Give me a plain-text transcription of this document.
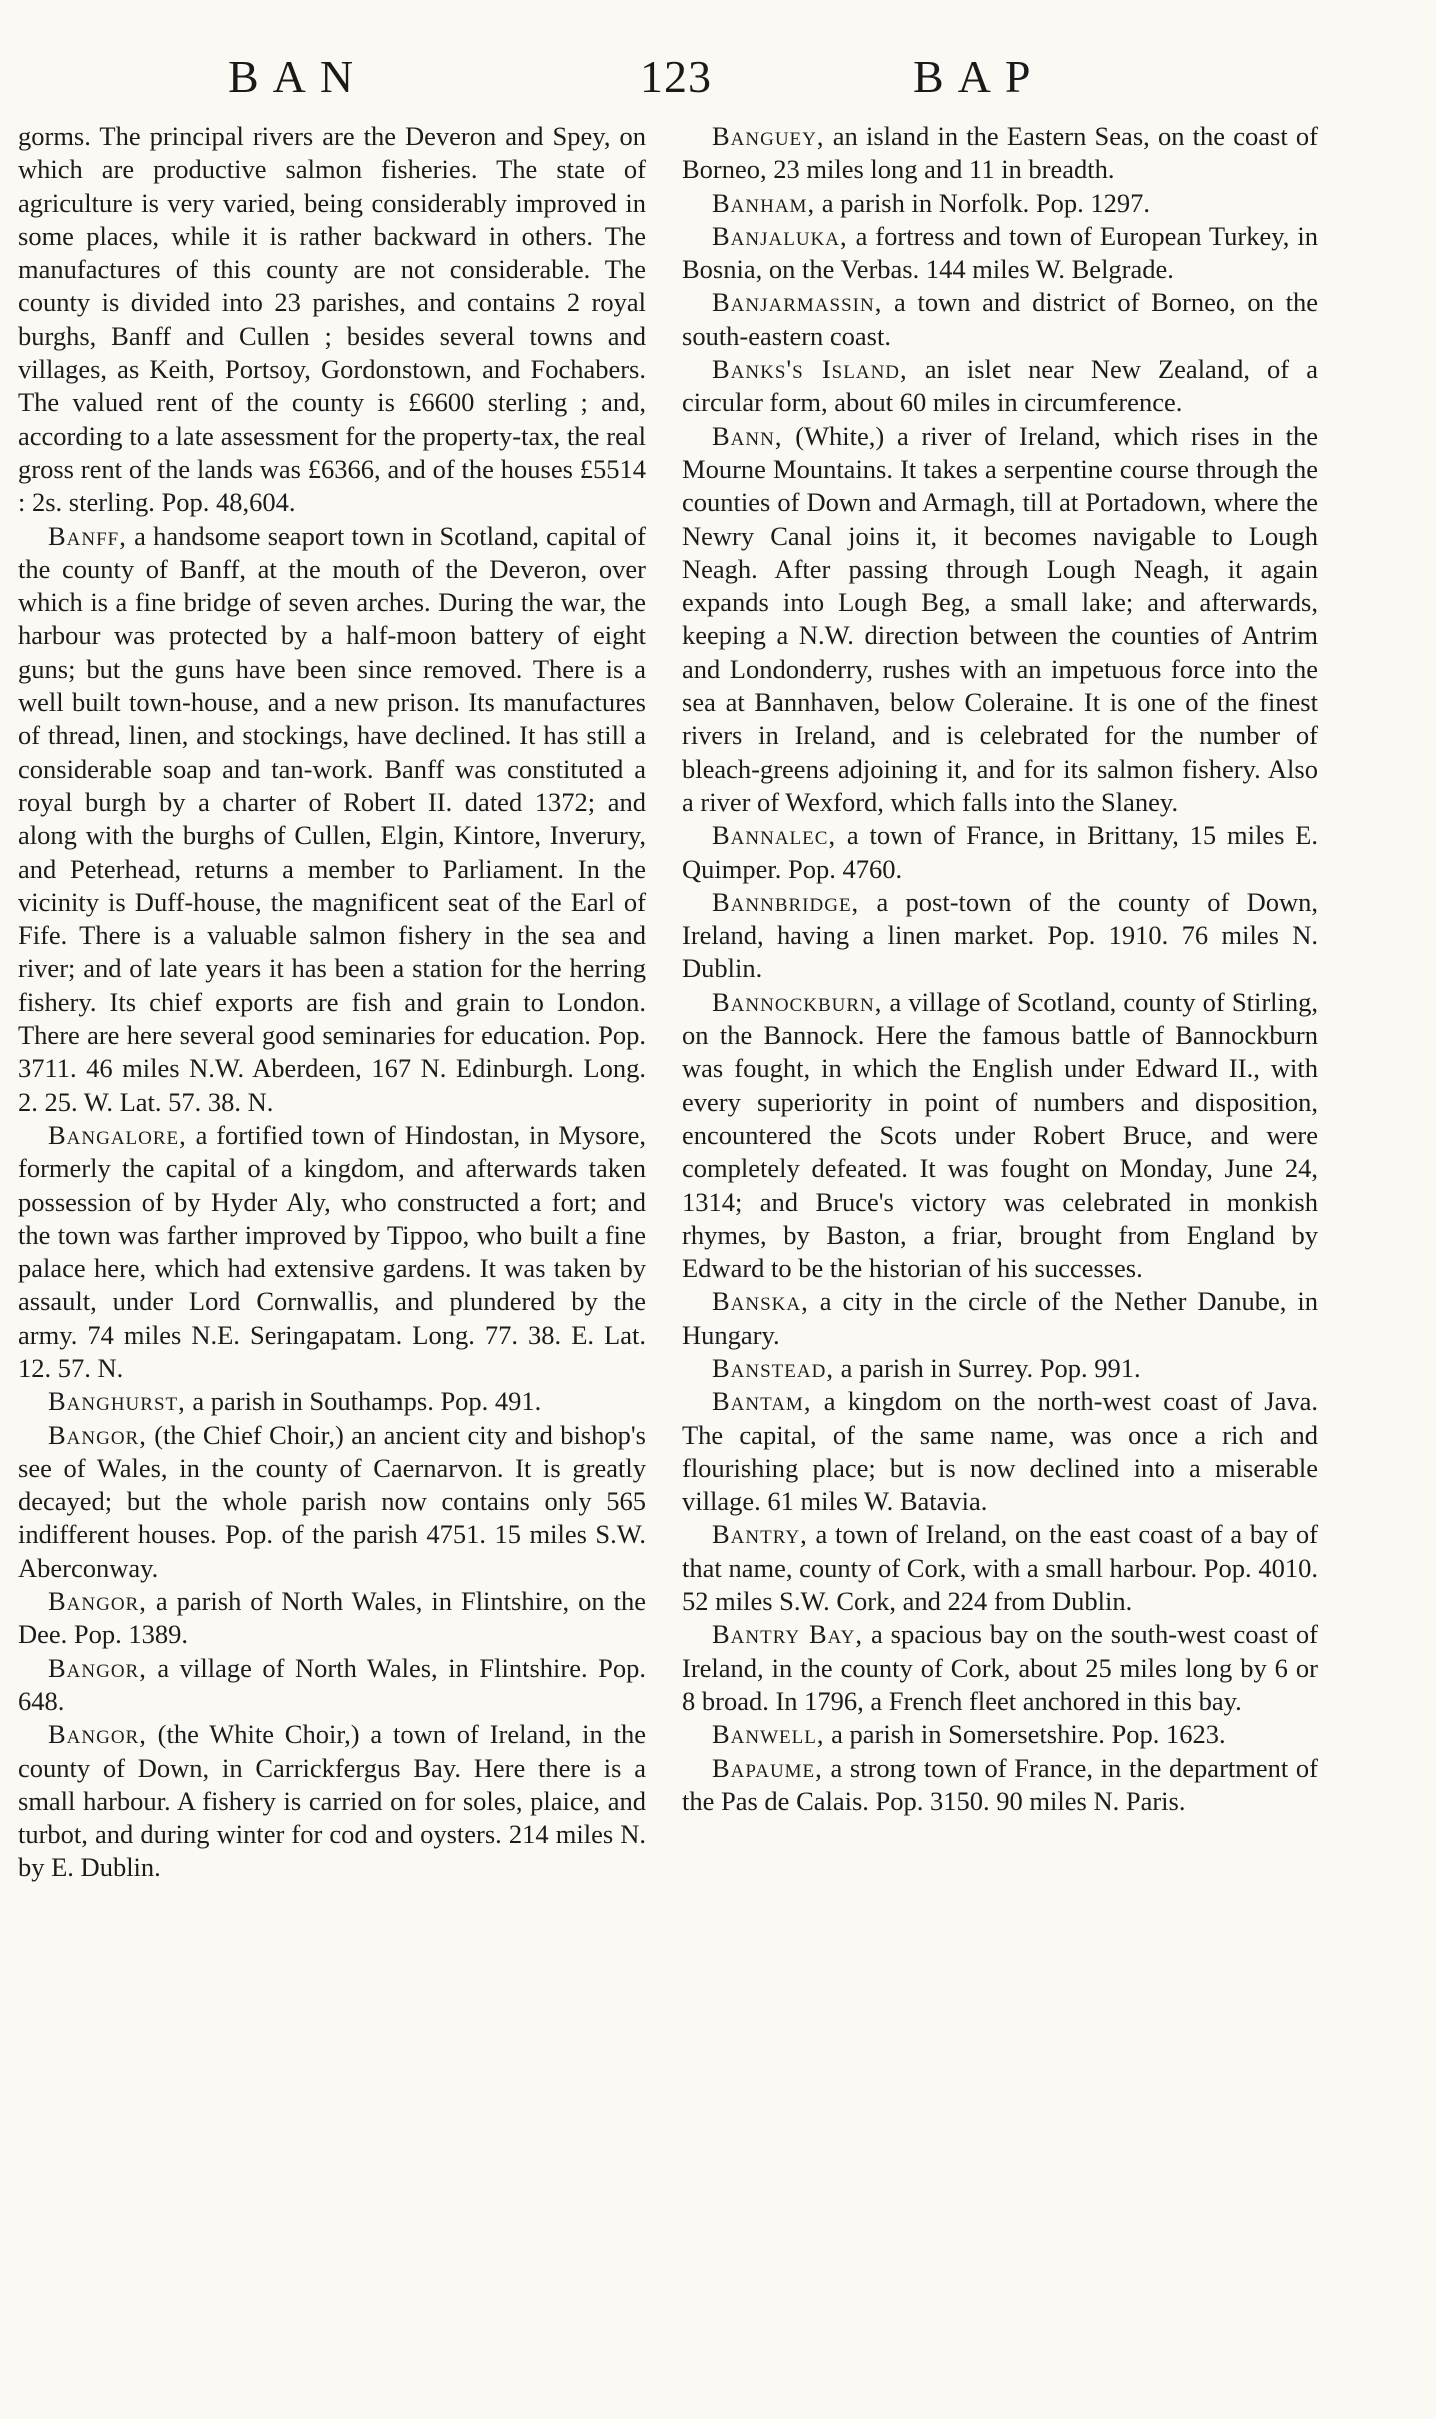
BAN	123	BAP

gorms. The principal rivers are the Deveron and Spey, on which are productive salmon fisheries. The state of agriculture is very varied, being considerably improved in some places, while it is rather backward in others. The manufactures of this county are not considerable. The county is divided into 23 parishes, and contains 2 royal burghs, Banff and Cullen ; besides several towns and villages, as Keith, Portsoy, Gordonstown, and Fochabers. The valued rent of the county is £6600 sterling ; and, according to a late assessment for the property-tax, the real gross rent of the lands was £6366, and of the houses £5514 : 2s. sterling. Pop. 48,604.

Banff, a handsome seaport town in Scotland, capital of the county of Banff, at the mouth of the Deveron, over which is a fine bridge of seven arches. During the war, the harbour was protected by a half-moon battery of eight guns; but the guns have been since removed. There is a well built town-house, and a new prison. Its manufactures of thread, linen, and stockings, have declined. It has still a considerable soap and tan-work. Banff was constituted a royal burgh by a charter of Robert II. dated 1372; and along with the burghs of Cullen, Elgin, Kintore, Inverury, and Peterhead, returns a member to Parliament. In the vicinity is Duff-house, the magnificent seat of the Earl of Fife. There is a valuable salmon fishery in the sea and river; and of late years it has been a station for the herring fishery. Its chief exports are fish and grain to London. There are here several good seminaries for education. Pop. 3711. 46 miles N.W. Aberdeen, 167 N. Edinburgh. Long. 2. 25. W. Lat. 57. 38. N.

Bangalore, a fortified town of Hindostan, in Mysore, formerly the capital of a kingdom, and afterwards taken possession of by Hyder Aly, who constructed a fort; and the town was farther improved by Tippoo, who built a fine palace here, which had extensive gardens. It was taken by assault, under Lord Cornwallis, and plundered by the army. 74 miles N.E. Seringapatam. Long. 77. 38. E. Lat. 12. 57. N.

Banghurst, a parish in Southamps. Pop. 491.

Bangor, (the Chief Choir,) an ancient city and bishop's see of Wales, in the county of Caernarvon. It is greatly decayed; but the whole parish now contains only 565 indifferent houses. Pop. of the parish 4751. 15 miles S.W. Aberconway.

Bangor, a parish of North Wales, in Flintshire, on the Dee. Pop. 1389.

Bangor, a village of North Wales, in Flintshire. Pop. 648.

Bangor, (the White Choir,) a town of Ireland, in the county of Down, in Carrickfergus Bay. Here there is a small harbour. A fishery is carried on for soles, plaice, and turbot, and during winter for cod and oysters. 214 miles N. by E. Dublin.

Banguey, an island in the Eastern Seas, on the coast of Borneo, 23 miles long and 11 in breadth.

Banham, a parish in Norfolk. Pop. 1297.

Banjaluka, a fortress and town of European Turkey, in Bosnia, on the Verbas. 144 miles W. Belgrade.

Banjarmassin, a town and district of Borneo, on the south-eastern coast.

Banks's Island, an islet near New Zealand, of a circular form, about 60 miles in circumference.

Bann, (White,) a river of Ireland, which rises in the Mourne Mountains. It takes a serpentine course through the counties of Down and Armagh, till at Portadown, where the Newry Canal joins it, it becomes navigable to Lough Neagh. After passing through Lough Neagh, it again expands into Lough Beg, a small lake; and afterwards, keeping a N.W. direction between the counties of Antrim and Londonderry, rushes with an impetuous force into the sea at Bannhaven, below Coleraine. It is one of the finest rivers in Ireland, and is celebrated for the number of bleach-greens adjoining it, and for its salmon fishery. Also a river of Wexford, which falls into the Slaney.

Bannalec, a town of France, in Brittany, 15 miles E. Quimper. Pop. 4760.

Bannbridge, a post-town of the county of Down, Ireland, having a linen market. Pop. 1910. 76 miles N. Dublin.

Bannockburn, a village of Scotland, county of Stirling, on the Bannock. Here the famous battle of Bannockburn was fought, in which the English under Edward II., with every superiority in point of numbers and disposition, encountered the Scots under Robert Bruce, and were completely defeated. It was fought on Monday, June 24, 1314; and Bruce's victory was celebrated in monkish rhymes, by Baston, a friar, brought from England by Edward to be the historian of his successes.

Banska, a city in the circle of the Nether Danube, in Hungary.

Banstead, a parish in Surrey. Pop. 991.

Bantam, a kingdom on the north-west coast of Java. The capital, of the same name, was once a rich and flourishing place; but is now declined into a miserable village. 61 miles W. Batavia.

Bantry, a town of Ireland, on the east coast of a bay of that name, county of Cork, with a small harbour. Pop. 4010. 52 miles S.W. Cork, and 224 from Dublin.

Bantry Bay, a spacious bay on the south-west coast of Ireland, in the county of Cork, about 25 miles long by 6 or 8 broad. In 1796, a French fleet anchored in this bay.

Banwell, a parish in Somersetshire. Pop. 1623.

Bapaume, a strong town of France, in the department of the Pas de Calais. Pop. 3150. 90 miles N. Paris.
